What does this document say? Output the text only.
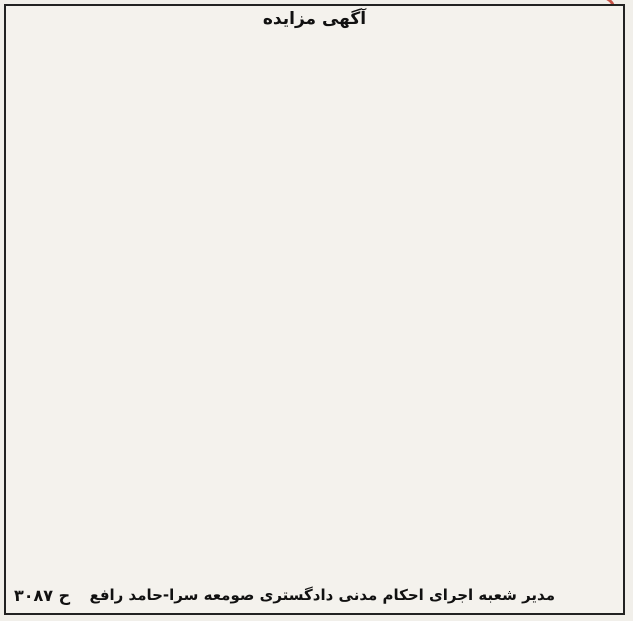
آگهی مزایده
مدیر شعبه اجرای احکام مدنی دادگستری صومعه سرا-حامد رافع
ح ۳۰۸۷
